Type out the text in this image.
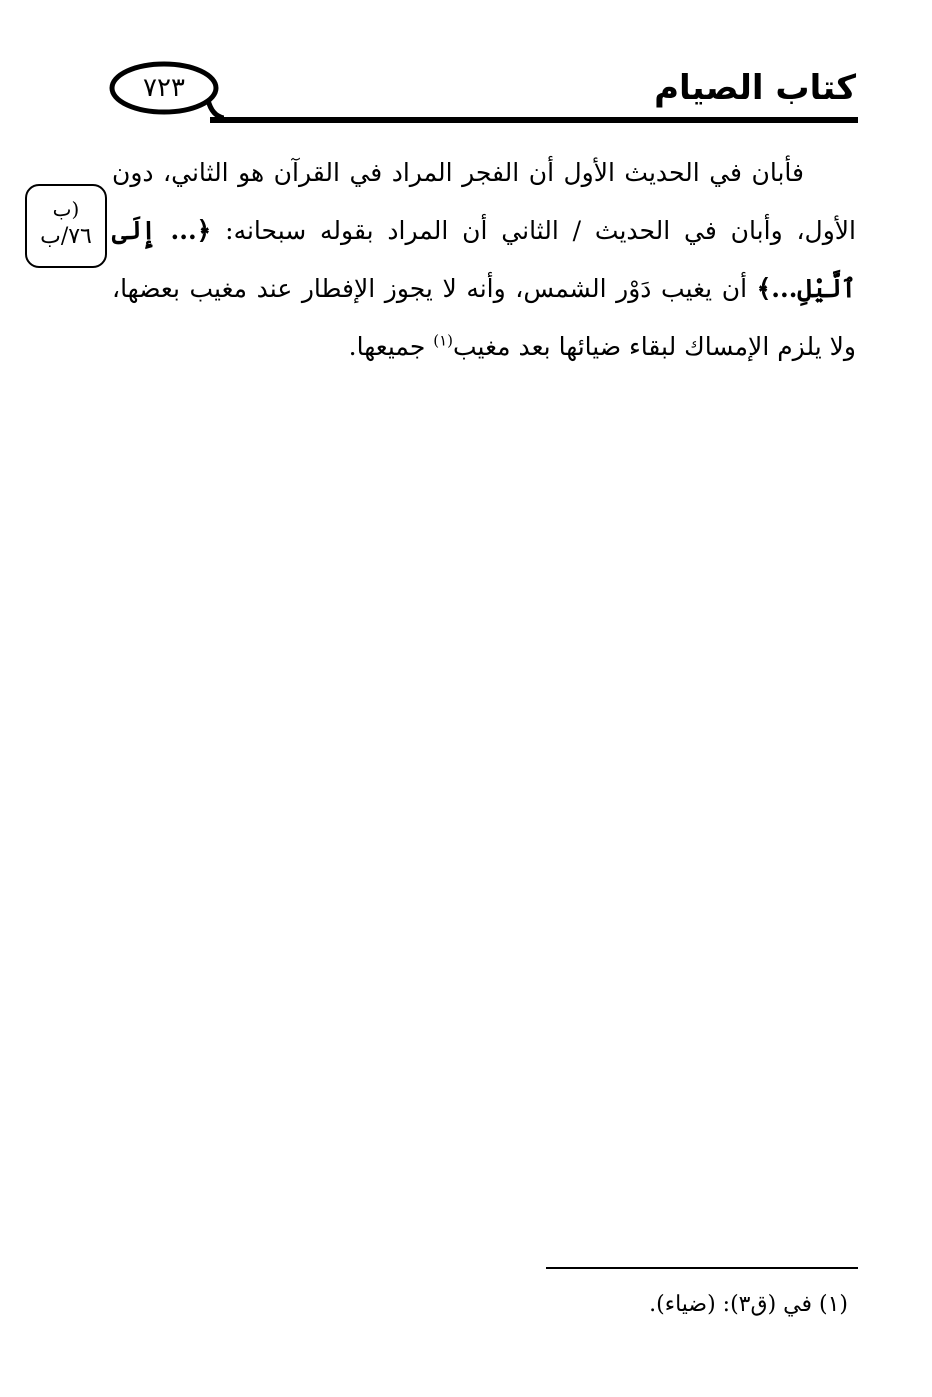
كتاب الصيام
٧٢٣
(ب
٧٦/ب

فأبان في الحديث الأول أن الفجر المراد في القرآن هو الثاني، دون الأول، وأبان في الحديث / الثاني أن المراد بقوله سبحانه: ﴿... إِلَى ٱلَّيْلِ...﴾ أن يغيب دَوْر الشمس، وأنه لا يجوز الإفطار عند مغيب بعضها، ولا يلزم الإمساك لبقاء ضيائها بعد مغيب$^{(١)}$ جميعها.

(١) في (ق٣): (ضياء).
